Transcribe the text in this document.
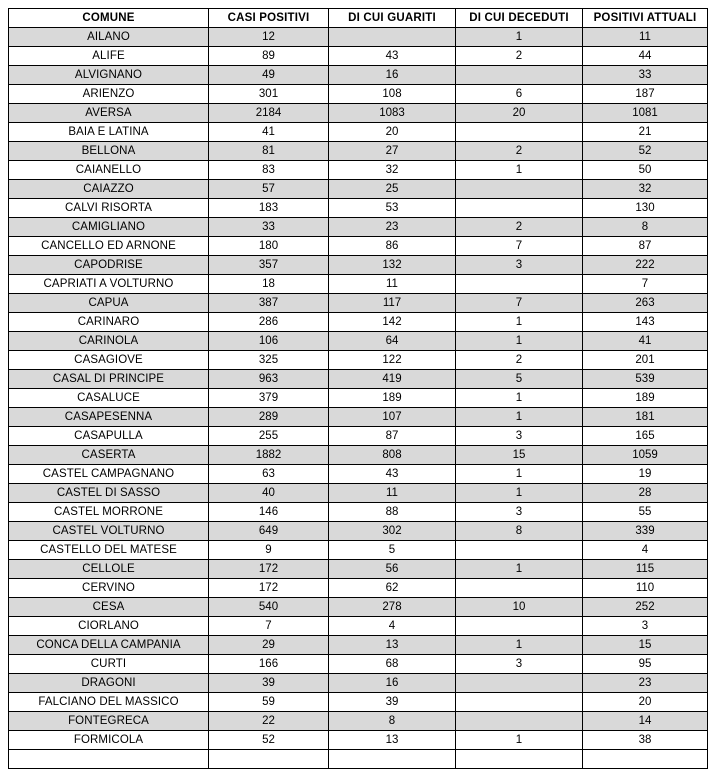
COMUNE	CASI POSITIVI	DI CUI GUARITI	DI CUI DECEDUTI	POSITIVI ATTUALI
AILANO	12		1	11
ALIFE	89	43	2	44
ALVIGNANO	49	16		33
ARIENZO	301	108	6	187
AVERSA	2184	1083	20	1081
BAIA E LATINA	41	20		21
BELLONA	81	27	2	52
CAIANELLO	83	32	1	50
CAIAZZO	57	25		32
CALVI RISORTA	183	53		130
CAMIGLIANO	33	23	2	8
CANCELLO ED ARNONE	180	86	7	87
CAPODRISE	357	132	3	222
CAPRIATI A VOLTURNO	18	11		7
CAPUA	387	117	7	263
CARINARO	286	142	1	143
CARINOLA	106	64	1	41
CASAGIOVE	325	122	2	201
CASAL DI PRINCIPE	963	419	5	539
CASALUCE	379	189	1	189
CASAPESENNA	289	107	1	181
CASAPULLA	255	87	3	165
CASERTA	1882	808	15	1059
CASTEL CAMPAGNANO	63	43	1	19
CASTEL DI SASSO	40	11	1	28
CASTEL MORRONE	146	88	3	55
CASTEL VOLTURNO	649	302	8	339
CASTELLO DEL MATESE	9	5		4
CELLOLE	172	56	1	115
CERVINO	172	62		110
CESA	540	278	10	252
CIORLANO	7	4		3
CONCA DELLA CAMPANIA	29	13	1	15
CURTI	166	68	3	95
DRAGONI	39	16		23
FALCIANO DEL MASSICO	59	39		20
FONTEGRECA	22	8		14
FORMICOLA	52	13	1	38
